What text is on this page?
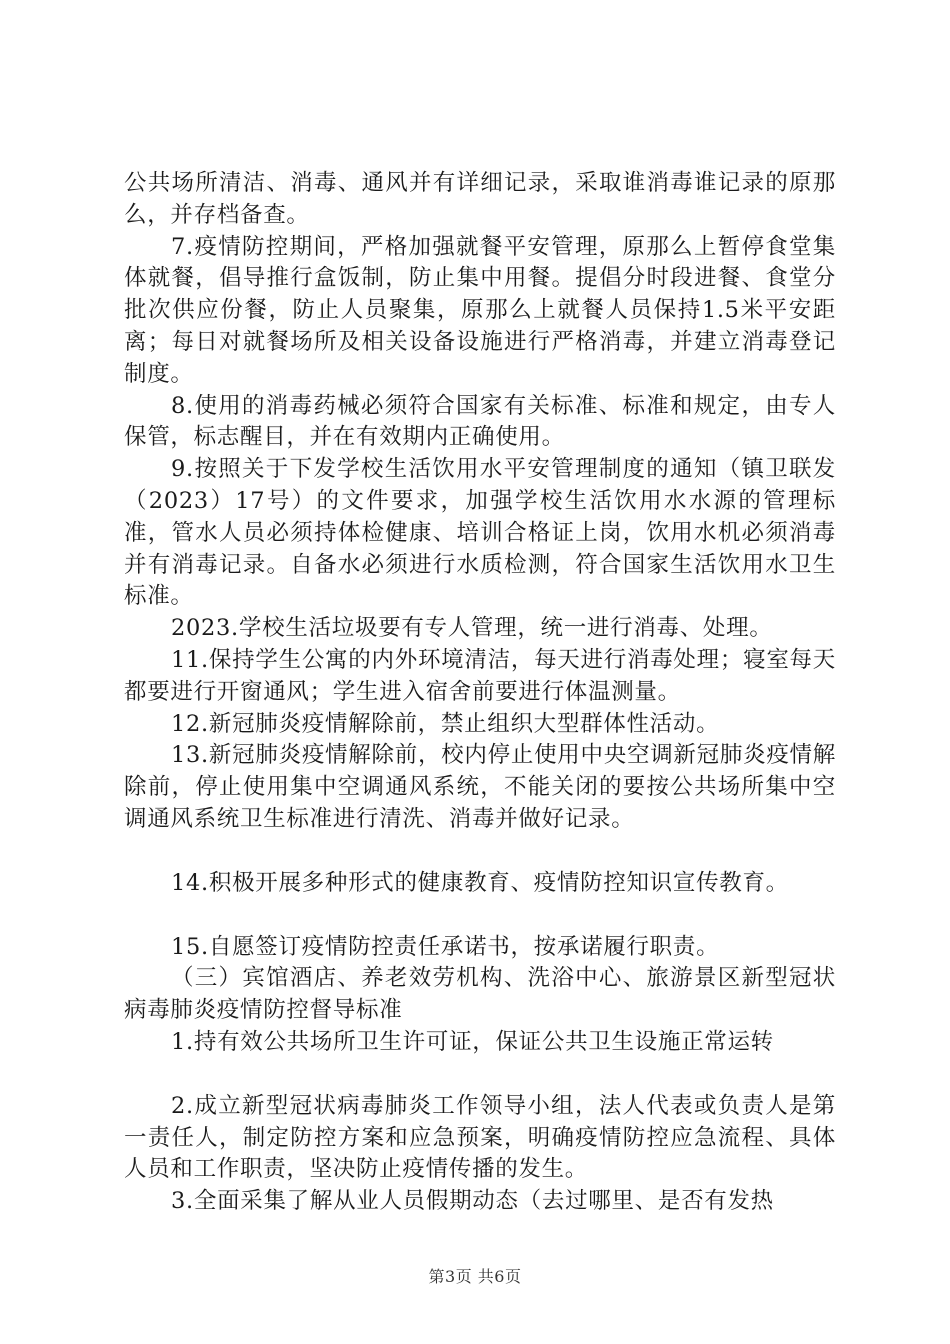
公共场所清洁、消毒、通风并有详细记录，采取谁消毒谁记录的原那么，并存档备查。

7.疫情防控期间，严格加强就餐平安管理，原那么上暂停食堂集体就餐，倡导推行盒饭制，防止集中用餐。提倡分时段进餐、食堂分批次供应份餐，防止人员聚集，原那么上就餐人员保持1.5米平安距离；每日对就餐场所及相关设备设施进行严格消毒，并建立消毒登记制度。

8.使用的消毒药械必须符合国家有关标准、标准和规定，由专人保管，标志醒目，并在有效期内正确使用。

9.按照关于下发学校生活饮用水平安管理制度的通知（镇卫联发（2023）17号）的文件要求，加强学校生活饮用水水源的管理标准，管水人员必须持体检健康、培训合格证上岗，饮用水机必须消毒并有消毒记录。自备水必须进行水质检测，符合国家生活饮用水卫生标准。

2023.学校生活垃圾要有专人管理，统一进行消毒、处理。

11.保持学生公寓的内外环境清洁，每天进行消毒处理；寝室每天都要进行开窗通风；学生进入宿舍前要进行体温测量。

12.新冠肺炎疫情解除前，禁止组织大型群体性活动。

13.新冠肺炎疫情解除前，校内停止使用中央空调新冠肺炎疫情解除前，停止使用集中空调通风系统，不能关闭的要按公共场所集中空调通风系统卫生标准进行清洗、消毒并做好记录。

14.积极开展多种形式的健康教育、疫情防控知识宣传教育。

15.自愿签订疫情防控责任承诺书，按承诺履行职责。

（三）宾馆酒店、养老效劳机构、洗浴中心、旅游景区新型冠状病毒肺炎疫情防控督导标准

1.持有效公共场所卫生许可证，保证公共卫生设施正常运转

2.成立新型冠状病毒肺炎工作领导小组，法人代表或负责人是第一责任人，制定防控方案和应急预案，明确疫情防控应急流程、具体人员和工作职责，坚决防止疫情传播的发生。

3.全面采集了解从业人员假期动态（去过哪里、是否有发热

第3页 共6页
